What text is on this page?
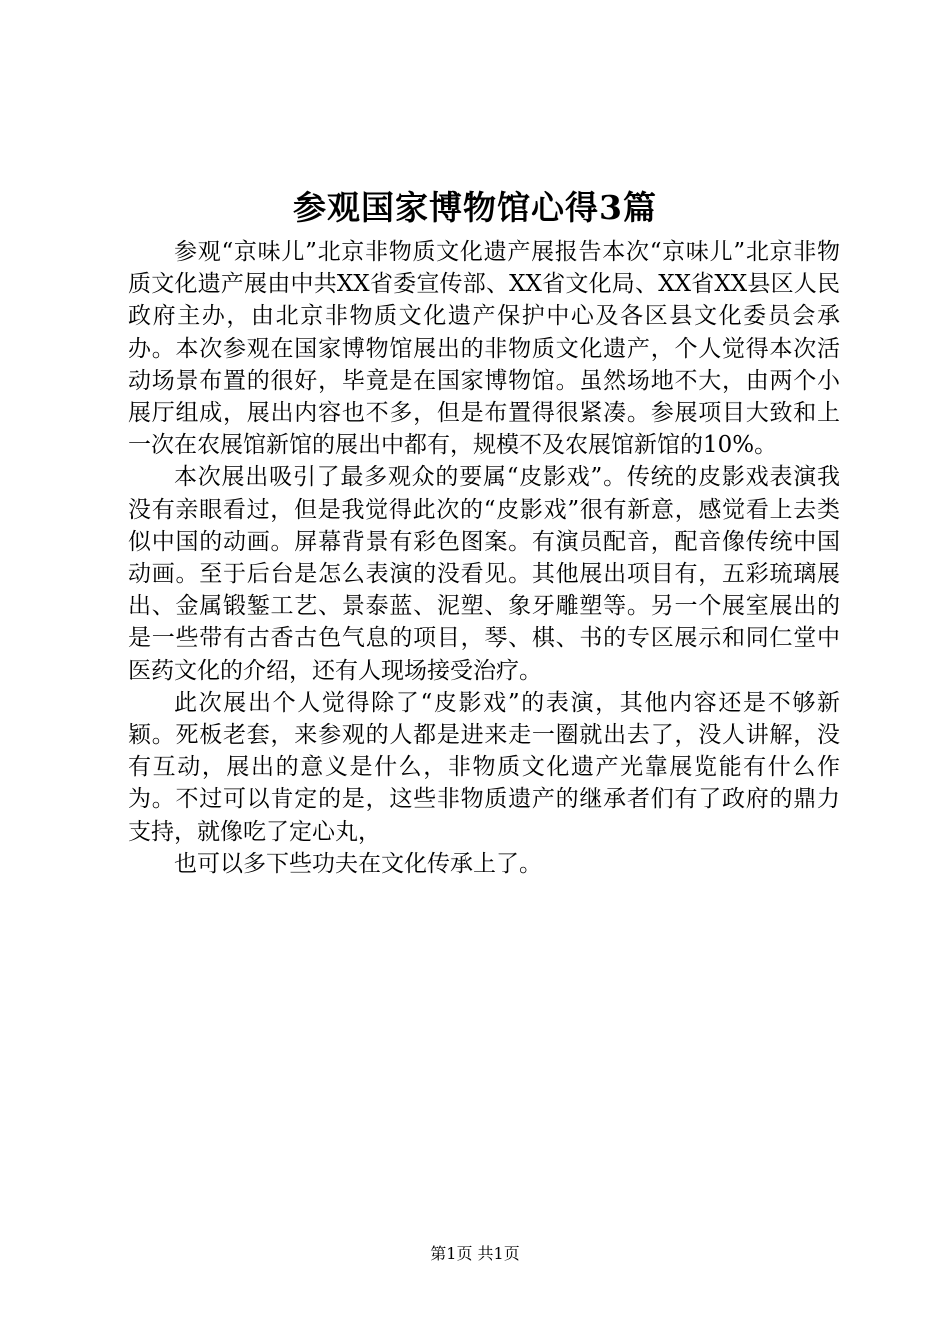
参观国家博物馆心得3篇

参观“京味儿”北京非物质文化遗产展报告本次“京味儿”北京非物质文化遗产展由中共XX省委宣传部、XX省文化局、XX省XX县区人民政府主办，由北京非物质文化遗产保护中心及各区县文化委员会承办。本次参观在国家博物馆展出的非物质文化遗产，个人觉得本次活动场景布置的很好，毕竟是在国家博物馆。虽然场地不大，由两个小展厅组成，展出内容也不多，但是布置得很紧凑。参展项目大致和上一次在农展馆新馆的展出中都有，规模不及农展馆新馆的10%。

本次展出吸引了最多观众的要属“皮影戏”。传统的皮影戏表演我没有亲眼看过，但是我觉得此次的“皮影戏”很有新意，感觉看上去类似中国的动画。屏幕背景有彩色图案。有演员配音，配音像传统中国动画。至于后台是怎么表演的没看见。其他展出项目有，五彩琉璃展出、金属锻錾工艺、景泰蓝、泥塑、象牙雕塑等。另一个展室展出的是一些带有古香古色气息的项目，琴、棋、书的专区展示和同仁堂中医药文化的介绍，还有人现场接受治疗。

此次展出个人觉得除了“皮影戏”的表演，其他内容还是不够新颖。死板老套，来参观的人都是进来走一圈就出去了，没人讲解，没有互动，展出的意义是什么，非物质文化遗产光靠展览能有什么作为。不过可以肯定的是，这些非物质遗产的继承者们有了政府的鼎力支持，就像吃了定心丸，

也可以多下些功夫在文化传承上了。

第1页 共1页
